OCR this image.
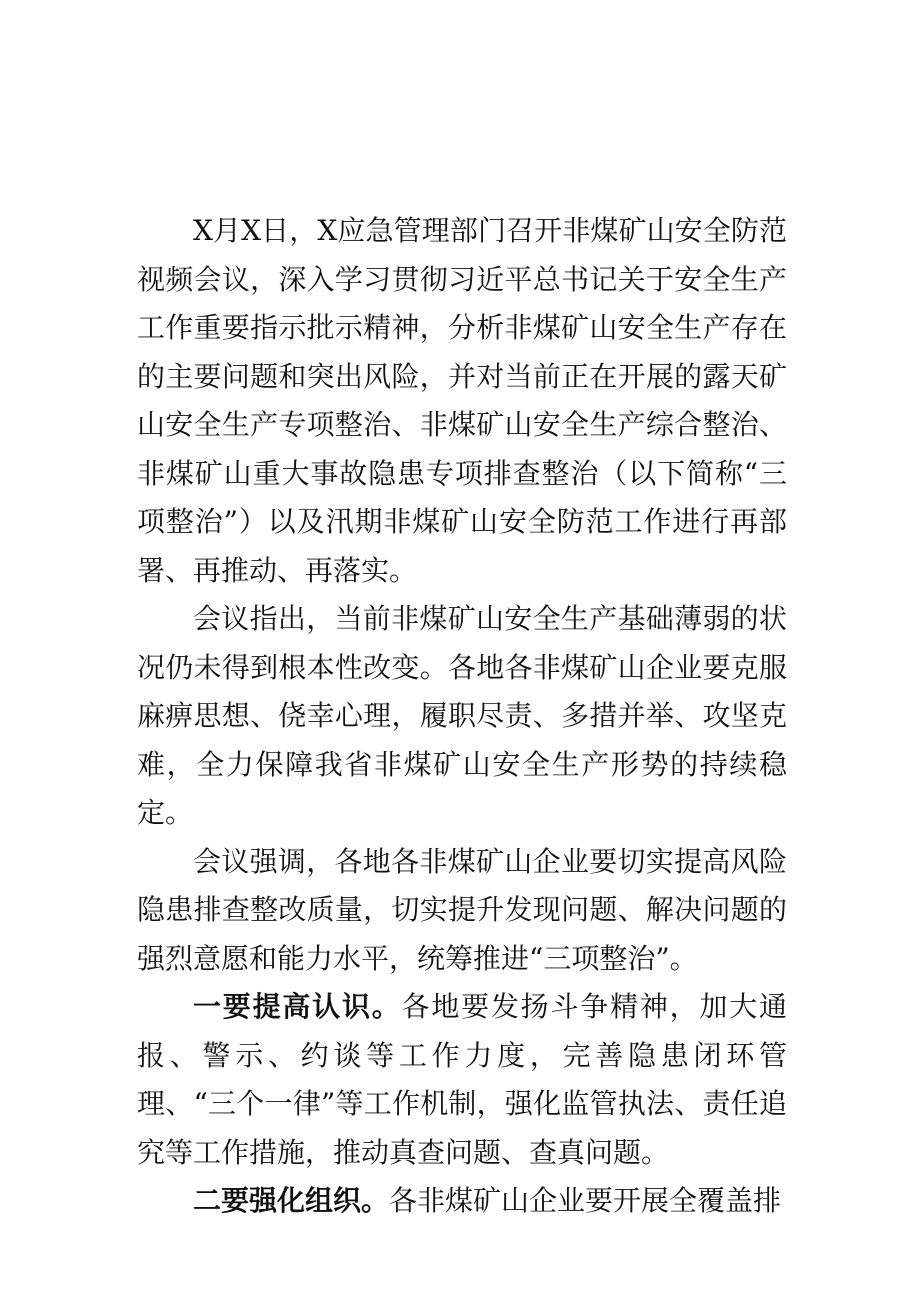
X月X日，X应急管理部门召开非煤矿山安全防范视频会议，深入学习贯彻习近平总书记关于安全生产工作重要指示批示精神，分析非煤矿山安全生产存在的主要问题和突出风险，并对当前正在开展的露天矿山安全生产专项整治、非煤矿山安全生产综合整治、非煤矿山重大事故隐患专项排查整治（以下简称“三项整治”）以及汛期非煤矿山安全防范工作进行再部署、再推动、再落实。

会议指出，当前非煤矿山安全生产基础薄弱的状况仍未得到根本性改变。各地各非煤矿山企业要克服麻痹思想、侥幸心理，履职尽责、多措并举、攻坚克难，全力保障我省非煤矿山安全生产形势的持续稳定。

会议强调，各地各非煤矿山企业要切实提高风险隐患排查整改质量，切实提升发现问题、解决问题的强烈意愿和能力水平，统筹推进“三项整治”。

一要提高认识。各地要发扬斗争精神，加大通报、警示、约谈等工作力度，完善隐患闭环管理、“三个一律”等工作机制，强化监管执法、责任追究等工作措施，推动真查问题、查真问题。

二要强化组织。各非煤矿山企业要开展全覆盖排
